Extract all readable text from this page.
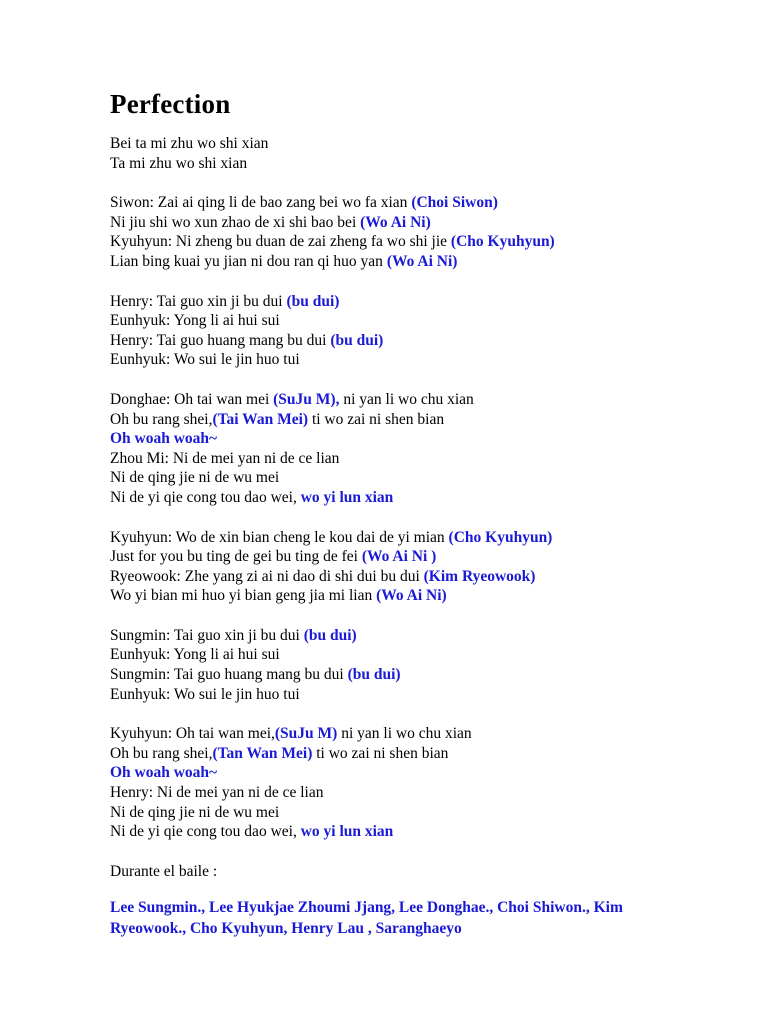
Perfection

Bei ta mi zhu wo shi xian

Ta mi zhu wo shi xian

Siwon: Zai ai qing li de bao zang bei wo fa xian (Choi Siwon)

Ni jiu shi wo xun zhao de xi shi bao bei (Wo Ai Ni)

Kyuhyun: Ni zheng bu duan de zai zheng fa wo shi jie (Cho Kyuhyun)

Lian bing kuai yu jian ni dou ran qi huo yan (Wo Ai Ni)

Henry: Tai guo xin ji bu dui (bu dui)

Eunhyuk: Yong li ai hui sui

Henry: Tai guo huang mang bu dui (bu dui)

Eunhyuk: Wo sui le jin huo tui

Donghae: Oh tai wan mei (SuJu M), ni yan li wo chu xian

Oh bu rang shei,(Tai Wan Mei) ti wo zai ni shen bian

Oh woah woah~

Zhou Mi: Ni de mei yan ni de ce lian

Ni de qing jie ni de wu mei

Ni de yi qie cong tou dao wei, wo yi lun xian

Kyuhyun: Wo de xin bian cheng le kou dai de yi mian (Cho Kyuhyun)

Just for you bu ting de gei bu ting de fei (Wo Ai Ni )

Ryeowook: Zhe yang zi ai ni dao di shi dui bu dui (Kim Ryeowook)

Wo yi bian mi huo yi bian geng jia mi lian (Wo Ai Ni)

Sungmin: Tai guo xin ji bu dui (bu dui)

Eunhyuk: Yong li ai hui sui

Sungmin: Tai guo huang mang bu dui (bu dui)

Eunhyuk: Wo sui le jin huo tui

Kyuhyun: Oh tai wan mei,(SuJu M) ni yan li wo chu xian

Oh bu rang shei,(Tan Wan Mei) ti wo zai ni shen bian

Oh woah woah~

Henry: Ni de mei yan ni de ce lian

Ni de qing jie ni de wu mei

Ni de yi qie cong tou dao wei, wo yi lun xian

Durante el baile :

Lee Sungmin., Lee Hyukjae Zhoumi Jjang, Lee Donghae., Choi Shiwon., Kim Ryeowook., Cho Kyuhyun, Henry Lau , Saranghaeyo
